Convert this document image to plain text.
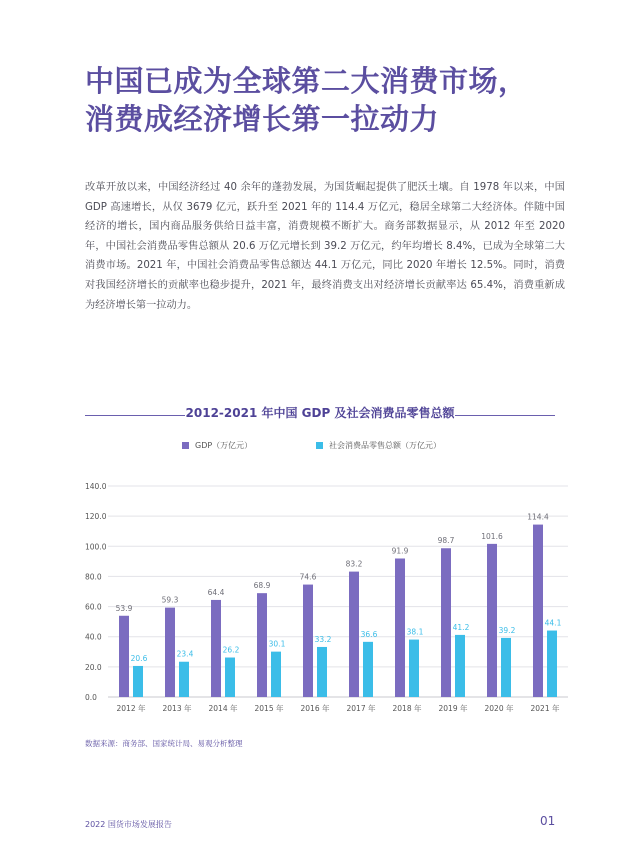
中国已成为全球第二大消费市场，
消费成经济增长第一拉动力

改革开放以来，中国经济经过 40 余年的蓬勃发展，为国货崛起提供了肥沃土壤。自 1978 年以来，中国 GDP 高速增长，从仅 3679 亿元，跃升至 2021 年的 114.4 万亿元，稳居全球第二大经济体。伴随中国经济的增长，国内商品服务供给日益丰富，消费规模不断扩大。商务部数据显示，从 2012 年至 2020 年，中国社会消费品零售总额从 20.6 万亿元增长到 39.2 万亿元，约年均增长 8.4%，已成为全球第二大消费市场。2021 年，中国社会消费品零售总额达 44.1 万亿元，同比 2020 年增长 12.5%。同时，消费对我国经济增长的贡献率也稳步提升，2021 年，最终消费支出对经济增长贡献率达 65.4%，消费重新成为经济增长第一拉动力。

2012-2021 年中国 GDP 及社会消费品零售总额
GDP（万亿元）	社会消费品零售总额（万亿元）
0.0
20.0
40.0
60.0
80.0
100.0
120.0
140.0
53.9
20.6
2012 年
59.3
23.4
2013 年
64.4
26.2
2014 年
68.9
30.1
2015 年
74.6
33.2
2016 年
83.2
36.6
2017 年
91.9
38.1
2018 年
98.7
41.2
2019 年
101.6
39.2
2020 年
114.4
44.1
2021 年
数据来源：商务部、国家统计局、易观分析整理
2022 国货市场发展报告	01
